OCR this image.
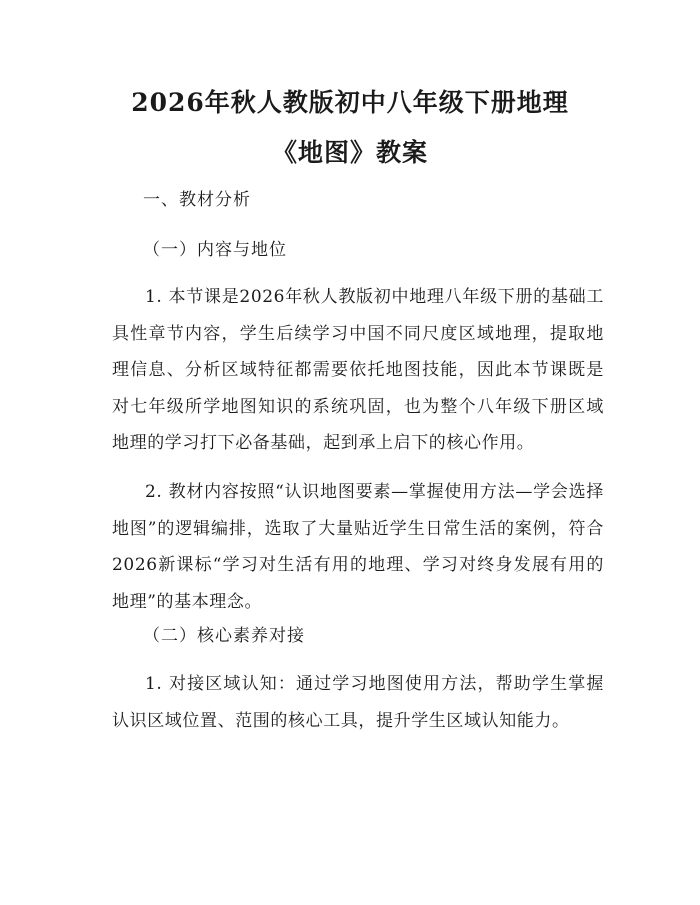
2026年秋人教版初中八年级下册地理《地图》教案

一、教材分析

（一）内容与地位

1. 本节课是2026年秋人教版初中地理八年级下册的基础工具性章节内容，学生后续学习中国不同尺度区域地理，提取地理信息、分析区域特征都需要依托地图技能，因此本节课既是对七年级所学地图知识的系统巩固，也为整个八年级下册区域地理的学习打下必备基础，起到承上启下的核心作用。

2. 教材内容按照“认识地图要素—掌握使用方法—学会选择地图”的逻辑编排，选取了大量贴近学生日常生活的案例，符合2026新课标“学习对生活有用的地理、学习对终身发展有用的地理”的基本理念。

（二）核心素养对接

1. 对接区域认知：通过学习地图使用方法，帮助学生掌握认识区域位置、范围的核心工具，提升学生区域认知能力。
